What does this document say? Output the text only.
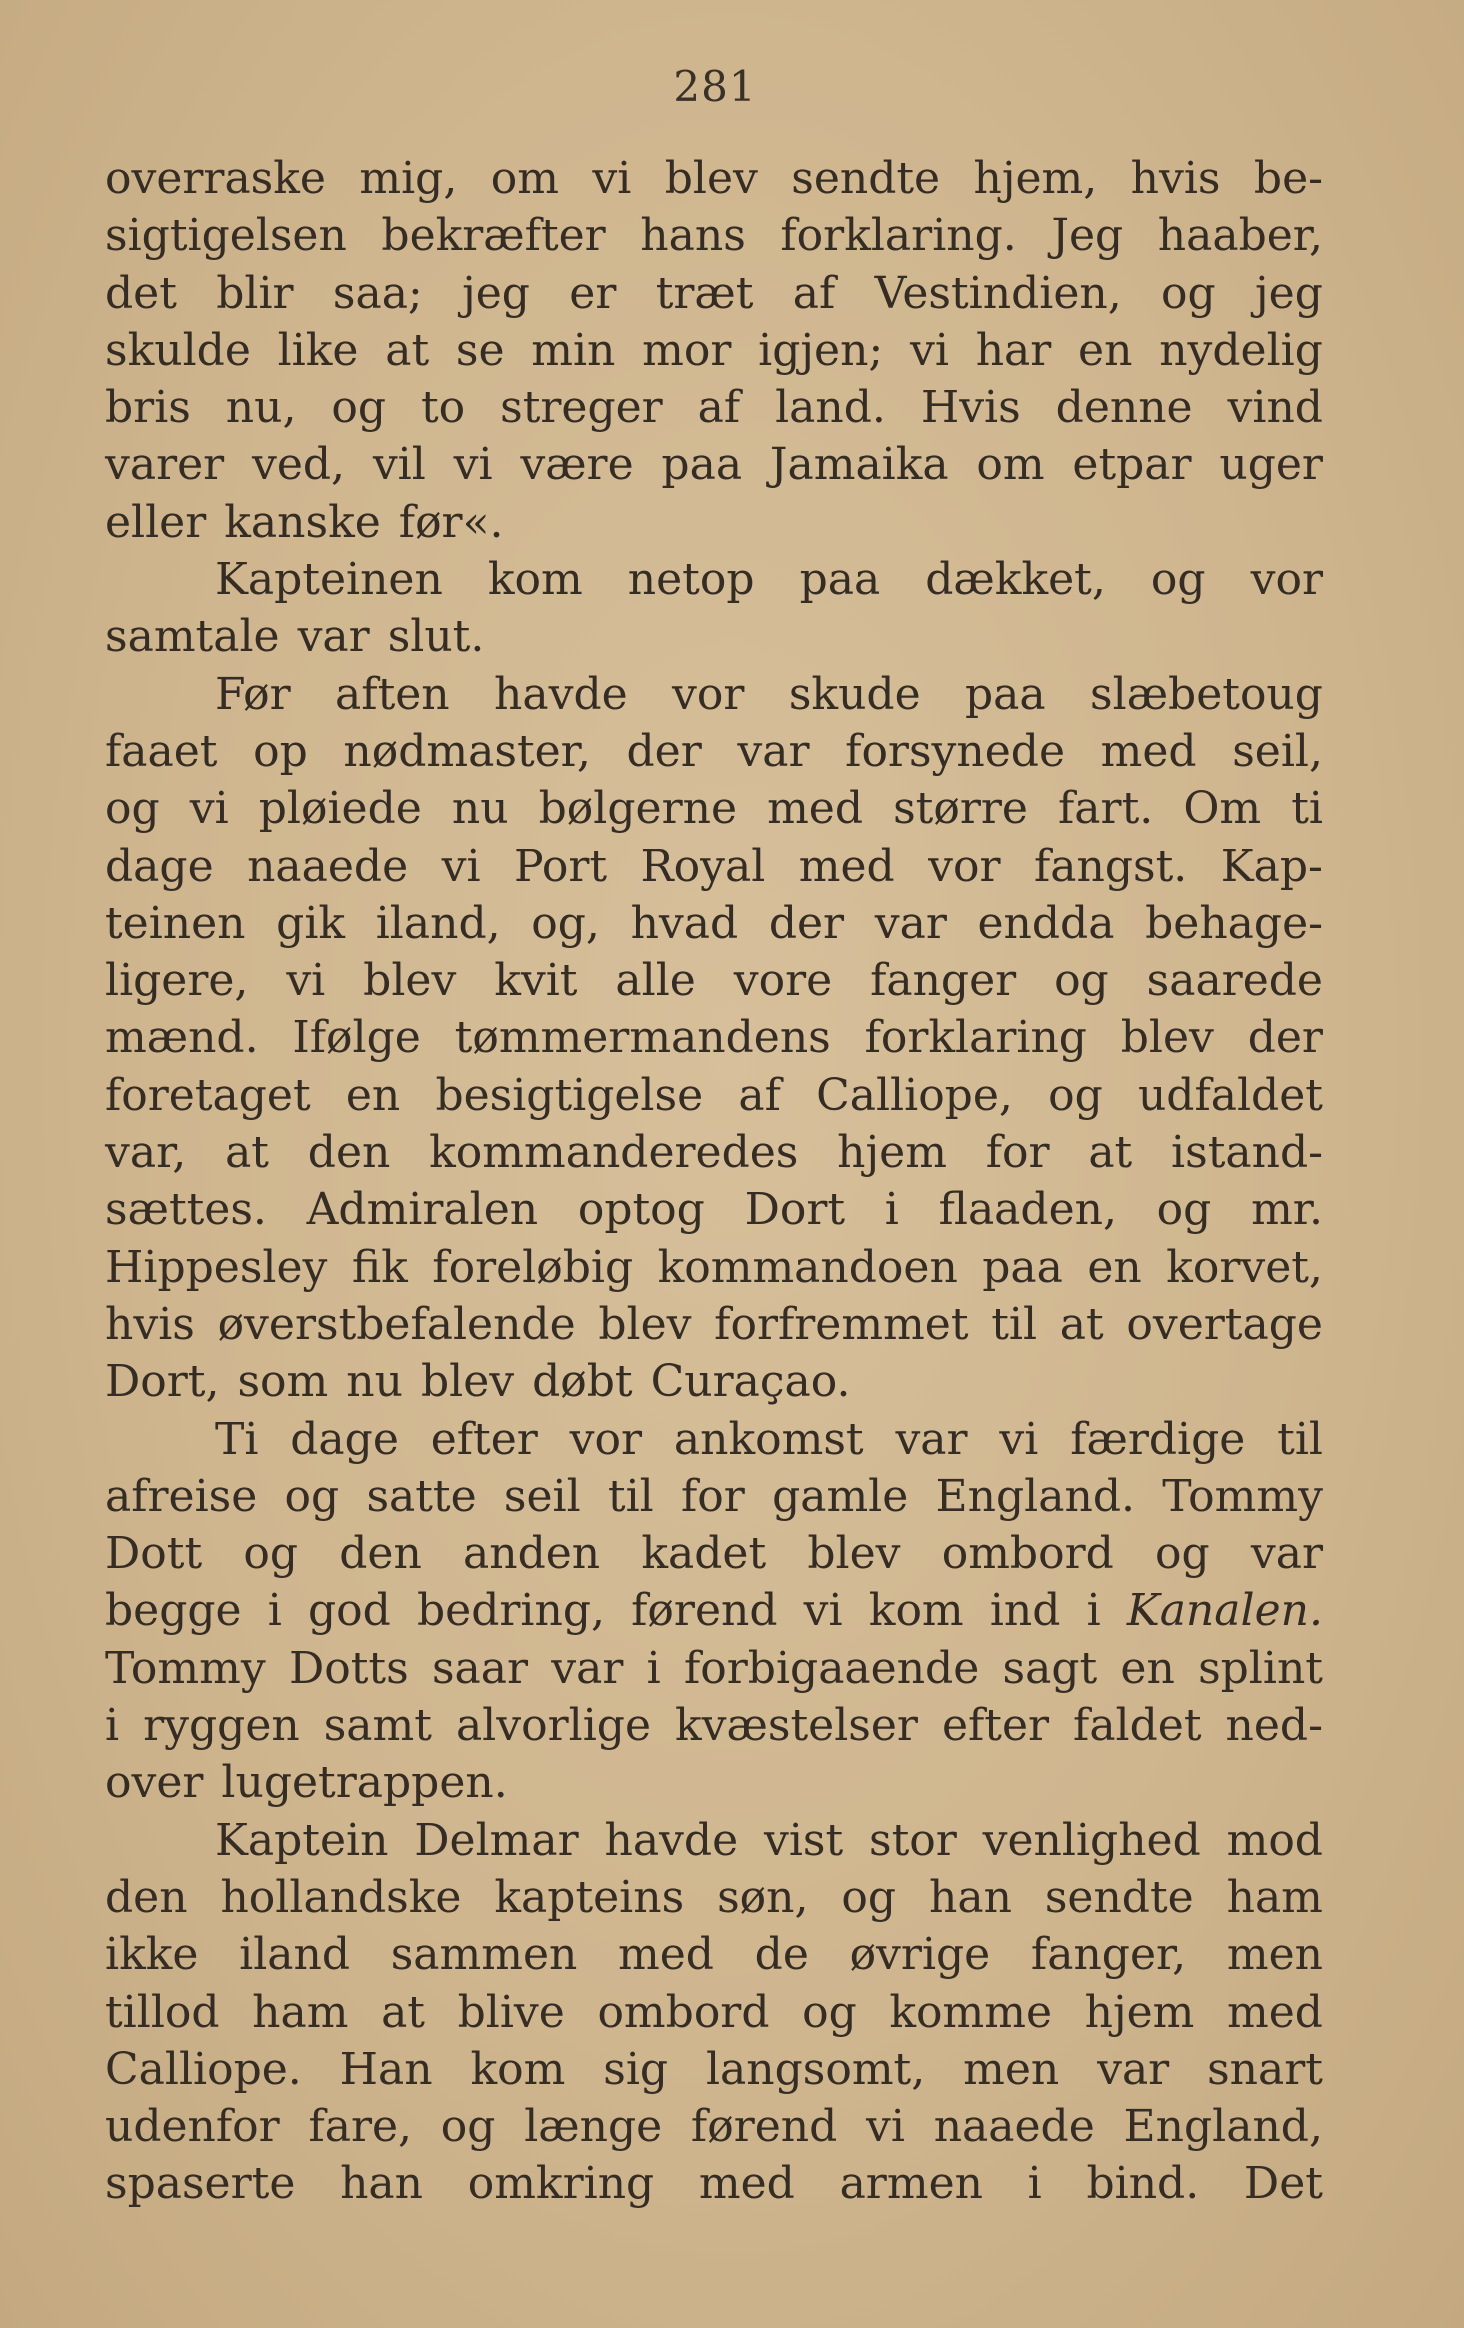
281
overraske mig, om vi blev sendte hjem, hvis be-
sigtigelsen bekræfter hans forklaring. Jeg haaber,
det blir saa; jeg er træt af Vestindien, og jeg
skulde like at se min mor igjen; vi har en nydelig
bris nu, og to streger af land. Hvis denne vind
varer ved, vil vi være paa Jamaika om etpar uger
eller kanske før«.
Kapteinen kom netop paa dækket, og vor
samtale var slut.
Før aften havde vor skude paa slæbetoug
faaet op nødmaster, der var forsynede med seil,
og vi pløiede nu bølgerne med større fart. Om ti
dage naaede vi Port Royal med vor fangst. Kap-
teinen gik iland, og, hvad der var endda behage-
ligere, vi blev kvit alle vore fanger og saarede
mænd. Ifølge tømmermandens forklaring blev der
foretaget en besigtigelse af Calliope, og udfaldet
var, at den kommanderedes hjem for at istand-
sættes. Admiralen optog Dort i flaaden, og mr.
Hippesley fik foreløbig kommandoen paa en korvet,
hvis øverstbefalende blev forfremmet til at overtage
Dort, som nu blev døbt Curaçao.
Ti dage efter vor ankomst var vi færdige til
afreise og satte seil til for gamle England. Tommy
Dott og den anden kadet blev ombord og var
begge i god bedring, førend vi kom ind i Kanalen.
Tommy Dotts saar var i forbigaaende sagt en splint
i ryggen samt alvorlige kvæstelser efter faldet ned-
over lugetrappen.
Kaptein Delmar havde vist stor venlighed mod
den hollandske kapteins søn, og han sendte ham
ikke iland sammen med de øvrige fanger, men
tillod ham at blive ombord og komme hjem med
Calliope. Han kom sig langsomt, men var snart
udenfor fare, og længe førend vi naaede England,
spaserte han omkring med armen i bind. Det
